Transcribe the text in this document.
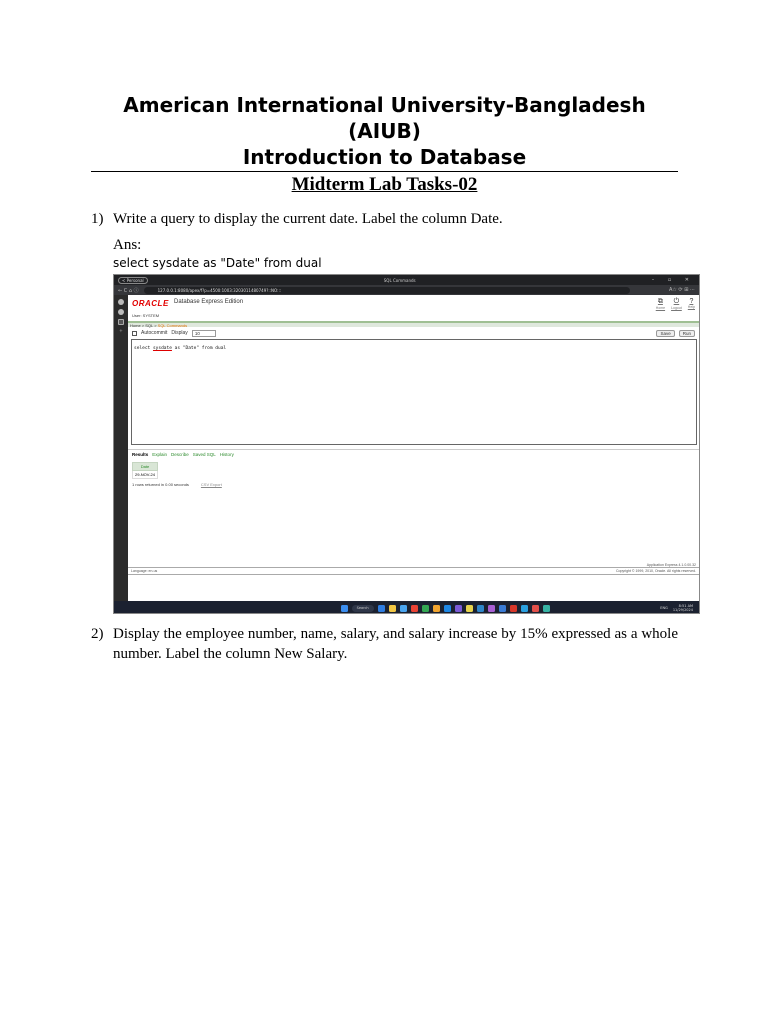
American International University-Bangladesh
(AIUB)
Introduction to Database
Midterm Lab Tasks-02
1) Write a query to display the current date. Label the column Date.
Ans:
select sysdate as "Date" from dual
< Personal	SQL Commands	– ▫ ✕
← C ⌂ ⓘ	127.0.0.1:8080/apex/f?p=4500:1003:3203011480749?::NO:::	A☆ ⟳ ⊞ ⋯
+
ORACLE Database Express Edition
User: SYSTEM
⧉
Home
⏻
Logout
?
Help
Home > SQL > SQL Commands
Autocommit Display	10	Save	Run
select sysdate as "Date" from dual
Results Explain Describe Saved SQL History
Date
29-NOV-24
1 rows returned in 0.00 seconds	CSV Export
Application Express 4.1.0.00.32
Language: en-us	Copyright © 1999, 2010, Oracle. All rights reserved.
Search	ENG	8:51 AM
11/29/2024
2) Display the employee number, name, salary, and salary increase by 15% expressed as a whole number. Label the column New Salary.
